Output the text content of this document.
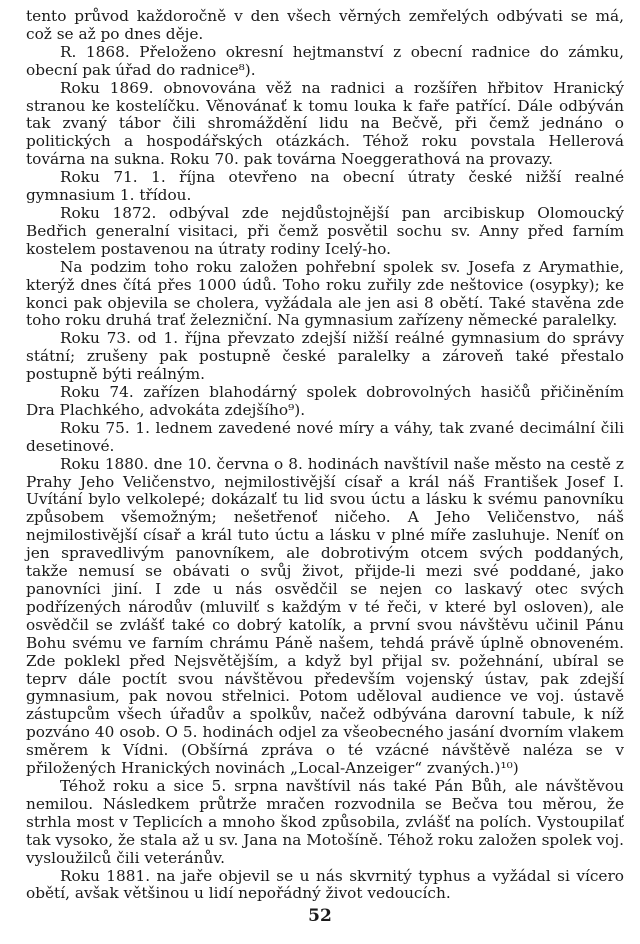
tento průvod každoročně v den všech věrných zemřelých odbývati se má, což se až po dnes děje.

R. 1868. Přeloženo okresní hejtmanství z obecní radnice do zámku, obecní pak úřad do radnice⁸).

Roku 1869. obnovována věž na radnici a rozšířen hřbitov Hranický stranou ke kostelíčku. Věnovánať k tomu louka k faře patřící. Dále odbýván tak zvaný tábor čili shromáždění lidu na Bečvě, při čemž jednáno o politických a hospodářských otázkách. Téhož roku povstala Hellerová továrna na sukna. Roku 70. pak továrna Noeggerathová na provazy.

Roku 71. 1. října otevřeno na obecní útraty české nižší realné gymnasium 1. třídou.

Roku 1872. odbýval zde nejdůstojnější pan arcibiskup Olomoucký Bedřich generalní visitaci, při čemž posvětil sochu sv. Anny před farním kostelem postavenou na útraty rodiny Icelý-ho.

Na podzim toho roku založen pohřební spolek sv. Josefa z Arymathie, kterýž dnes čítá přes 1000 údů. Toho roku zuřily zde neštovice (osypky); ke konci pak objevila se cholera, vyžádala ale jen asi 8 obětí. Také stavěna zde toho roku druhá trať železniční. Na gymnasium zařízeny německé paralelky.

Roku 73. od 1. října převzato zdejší nižší reálné gymnasium do správy státní; zrušeny pak postupně české paralelky a zároveň také přestalo postupně býti reálným.

Roku 74. zařízen blahodárný spolek dobrovolných hasičů přičiněním Dra Plachkého, advokáta zdejšího⁹).

Roku 75. 1. lednem zavedené nové míry a váhy, tak zvané decimální čili desetinové.

Roku 1880. dne 10. června o 8. hodinách navštívil naše město na cestě z Prahy Jeho Veličenstvo, nejmilostivější císař a král náš František Josef I. Uvítání bylo velkolepé; dokázalť tu lid svou úctu a lásku k svému panovníku způsobem všemožným; nešetřenoť ničeho. A Jeho Veličenstvo, náš nejmilostivější císař a král tuto úctu a lásku v plné míře zasluhuje. Neníť on jen spravedlivým panovníkem, ale dobrotivým otcem svých poddaných, takže nemusí se obávati o svůj život, přijde-li mezi své poddané, jako panovníci jiní. I zde u nás osvědčil se nejen co laskavý otec svých podřízených národův (mluvilť s každým v té řeči, v které byl osloven), ale osvědčil se zvlášť také co dobrý katolík, a první svou návštěvu učinil Pánu Bohu svému ve farním chrámu Páně našem, tehdá právě úplně obnoveném. Zde poklekl před Nejsvětějším, a když byl přijal sv. požehnání, ubíral se teprv dále poctít svou návštěvou především vojenský ústav, pak zdejší gymnasium, pak novou střelnici. Potom uděloval audience ve voj. ústavě zástupcům všech úřadův a spolkův, načež odbývána darovní tabule, k níž pozváno 40 osob. O 5. hodinách odjel za všeobecného jasání dvorním vlakem směrem k Vídni. (Obšírná zpráva o té vzácné návštěvě naléza se v přiložených Hranických novinách „Local-Anzeiger“ zvaných.)¹⁰)

Téhož roku a sice 5. srpna navštívil nás také Pán Bůh, ale návštěvou nemilou. Následkem průtrže mračen rozvodnila se Bečva tou měrou, že strhla most v Teplicích a mnoho škod způsobila, zvlášť na polích. Vystoupilať tak vysoko, že stala až u sv. Jana na Motošíně. Téhož roku založen spolek voj. vysloužilců čili veteránův.

Roku 1881. na jaře objevil se u nás skvrnitý typhus a vyžádal si vícero obětí, avšak většinou u lidí nepořádný život vedoucích.

52
